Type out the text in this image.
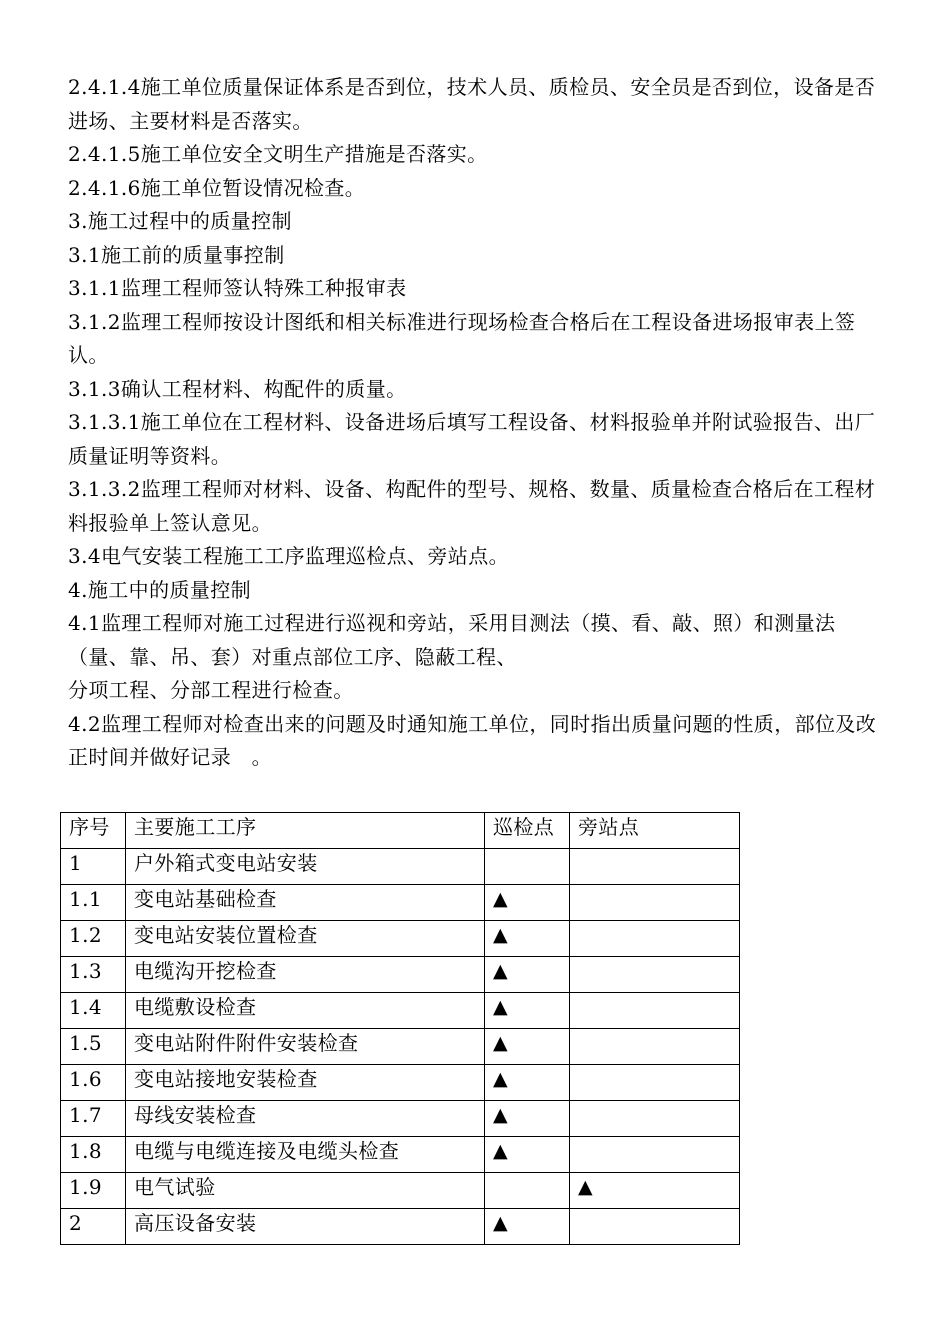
2.4.1.4施工单位质量保证体系是否到位，技术人员、质检员、安全员是否到位，设备是否进场、主要材料是否落实。

2.4.1.5施工单位安全文明生产措施是否落实。

2.4.1.6施工单位暂设情况检查。

3.施工过程中的质量控制

3.1施工前的质量事控制

3.1.1监理工程师签认特殊工种报审表

3.1.2监理工程师按设计图纸和相关标准进行现场检查合格后在工程设备进场报审表上签认。

3.1.3确认工程材料、构配件的质量。

3.1.3.1施工单位在工程材料、设备进场后填写工程设备、材料报验单并附试验报告、出厂质量证明等资料。

3.1.3.2监理工程师对材料、设备、构配件的型号、规格、数量、质量检查合格后在工程材料报验单上签认意见。

3.4电气安装工程施工工序监理巡检点、旁站点。

4.施工中的质量控制

4.1监理工程师对施工过程进行巡视和旁站，采用目测法（摸、看、敲、照）和测量法（量、靠、吊、套）对重点部位工序、隐蔽工程、

分项工程、分部工程进行检查。

4.2监理工程师对检查出来的问题及时通知施工单位，同时指出质量问题的性质，部位及改正时间并做好记录　。

序号	主要施工工序	巡检点	旁站点
1	户外箱式变电站安装		
1.1	变电站基础检查	▲	
1.2	变电站安装位置检查	▲	
1.3	电缆沟开挖检查	▲	
1.4	电缆敷设检查	▲	
1.5	变电站附件附件安装检查	▲	
1.6	变电站接地安装检查	▲	
1.7	母线安装检查	▲	
1.8	电缆与电缆连接及电缆头检查	▲	
1.9	电气试验		▲
2	高压设备安装	▲	
